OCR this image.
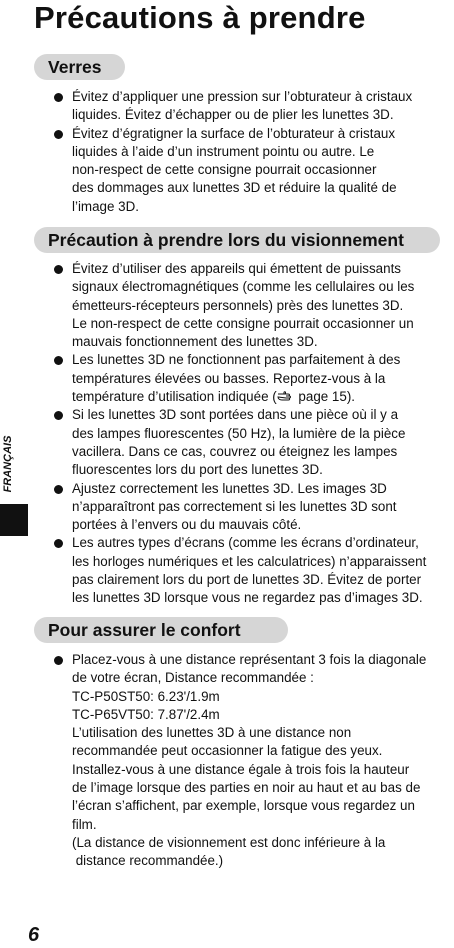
Précautions à prendre
Verres
Évitez d’appliquer une pression sur l’obturateur à cristaux
liquides. Évitez d’échapper ou de plier les lunettes 3D.
Évitez d’égratigner la surface de l’obturateur à cristaux
liquides à l’aide d’un instrument pointu ou autre. Le
non-respect de cette consigne pourrait occasionner
des dommages aux lunettes 3D et réduire la qualité de
l’image 3D.
Précaution à prendre lors du visionnement
Évitez d’utiliser des appareils qui émettent de puissants
signaux électromagnétiques (comme les cellulaires ou les
émetteurs-récepteurs personnels) près des lunettes 3D.
Le non-respect de cette consigne pourrait occasionner un
mauvais fonctionnement des lunettes 3D.
Les lunettes 3D ne fonctionnent pas parfaitement à des
températures élevées ou basses. Reportez-vous à la
température d’utilisation indiquée ( page 15).
Si les lunettes 3D sont portées dans une pièce où il y a
des lampes fluorescentes (50 Hz), la lumière de la pièce
vacillera. Dans ce cas, couvrez ou éteignez les lampes
fluorescentes lors du port des lunettes 3D.
Ajustez correctement les lunettes 3D. Les images 3D
n’apparaîtront pas correctement si les lunettes 3D sont
portées à l’envers ou du mauvais côté.
Les autres types d’écrans (comme les écrans d’ordinateur,
les horloges numériques et les calculatrices) n’apparaissent
pas clairement lors du port de lunettes 3D. Évitez de porter
les lunettes 3D lorsque vous ne regardez pas d’images 3D.
Pour assurer le confort
Placez-vous à une distance représentant 3 fois la diagonale
de votre écran, Distance recommandée :
TC-P50ST50: 6.23'/1.9m
TC-P65VT50: 7.87'/2.4m
L’utilisation des lunettes 3D à une distance non
recommandée peut occasionner la fatigue des yeux.
Installez-vous à une distance égale à trois fois la hauteur
de l’image lorsque des parties en noir au haut et au bas de
l’écran s’affichent, par exemple, lorsque vous regardez un
film.
(La distance de visionnement est donc inférieure à la
distance recommandée.)
FRANÇAIS
6
